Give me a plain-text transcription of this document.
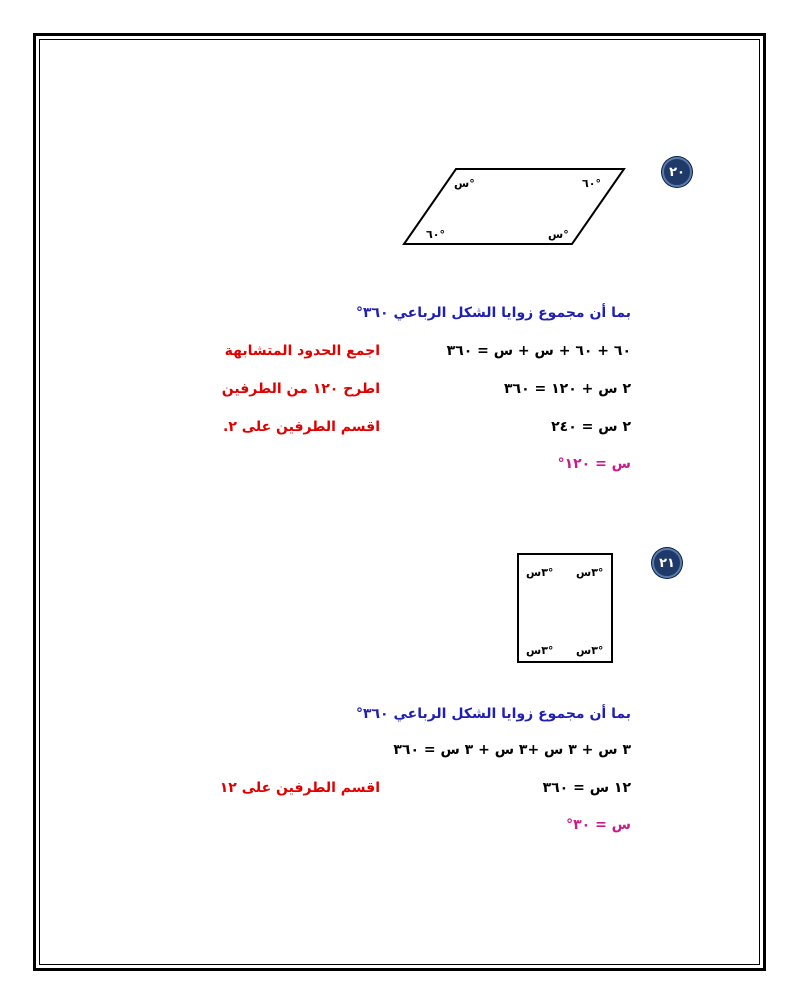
٢٠
س°	٦٠°
٦٠°	س°
بما أن مجموع زوايا الشكل الرباعي ٣٦٠°
٦٠ + ٦٠ + س + س = ٣٦٠
اجمع الحدود المتشابهة
٢ س + ١٢٠ = ٣٦٠
اطرح ١٢٠ من الطرفين
٢ س = ٢٤٠
اقسم الطرفين على ٢.
س = ١٢٠°
٢١
٣س° ٣س°
٣س° ٣س°
بما أن مجموع زوايا الشكل الرباعي ٣٦٠°
٣ س + ٣ س +٣ س + ٣ س = ٣٦٠
١٢ س = ٣٦٠
اقسم الطرفين على ١٢
س = ٣٠°
